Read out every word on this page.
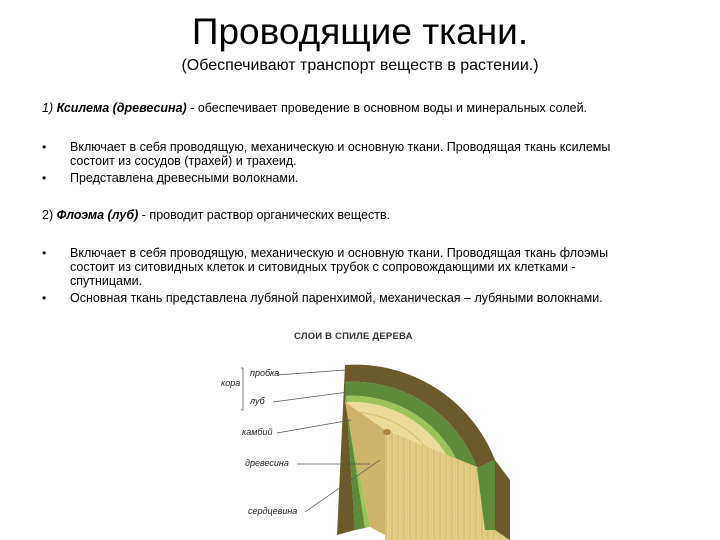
Проводящие ткани.
(Обеспечивают транспорт веществ в растении.)
1) Ксилема (древесина) - обеспечивает проведение в основном воды и минеральных солей.
• Включает в себя проводящую, механическую и основную ткани. Проводящая ткань ксилемы
состоит из сосудов (трахей) и трахеид.
• Представлена древесными волокнами.
2) Флоэма (луб) - проводит раствор органических веществ.
• Включает в себя проводящую, механическую и основную ткани. Проводящая ткань флоэмы
состоит из ситовидных клеток и ситовидных трубок с сопровождающими их клетками -
спутницами.
• Основная ткань представлена лубяной паренхимой, механическая – лубяными волокнами.
СЛОИ В СПИЛЕ ДЕРЕВА
кора
пробка
луб
камбий
древесина
сердцевина
